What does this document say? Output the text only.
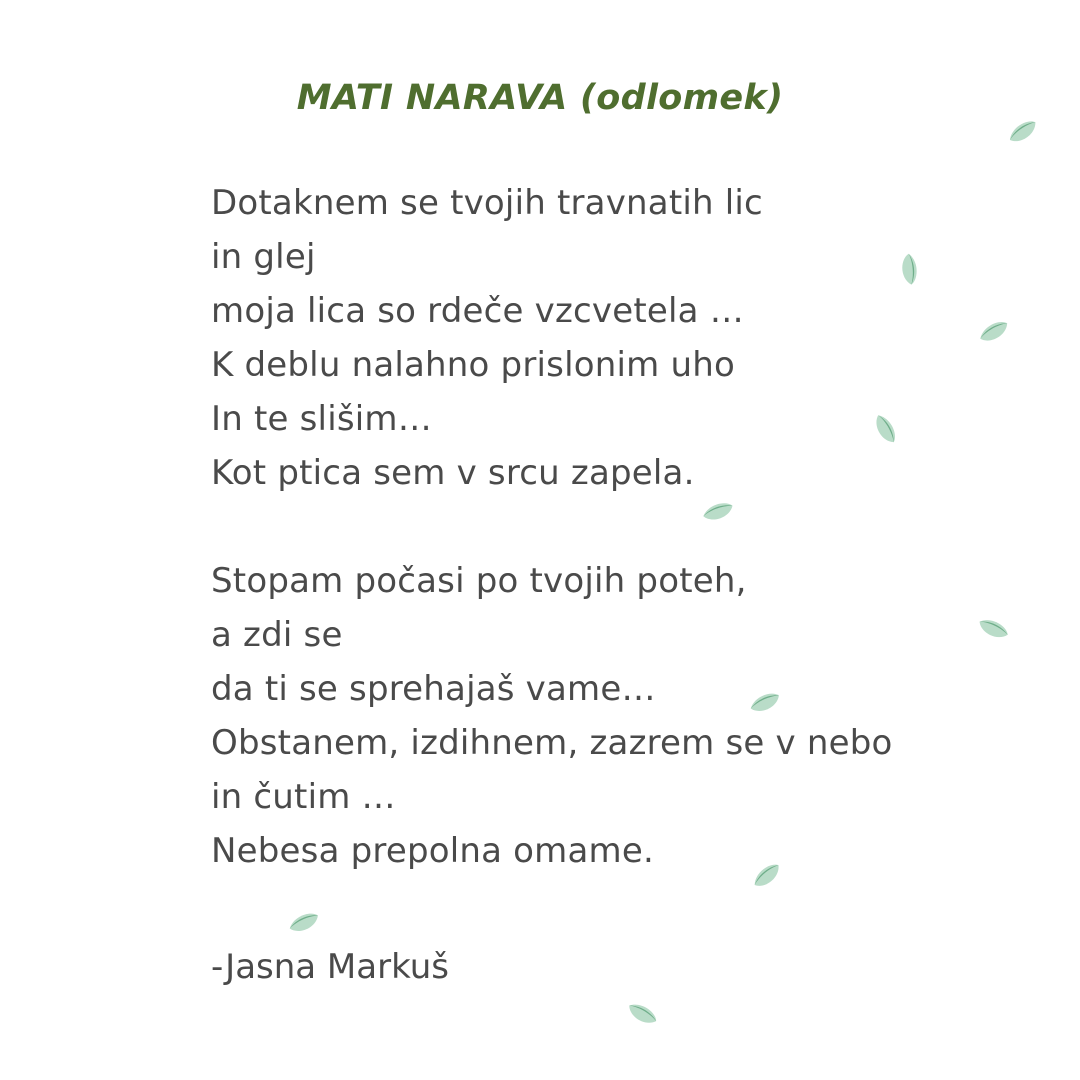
MATI NARAVA (odlomek)
Dotaknem se tvojih travnatih lic
in glej
moja lica so rdeče vzcvetela …
K deblu nalahno prislonim uho
In te slišim…
Kot ptica sem v srcu zapela.
Stopam počasi po tvojih poteh,
a zdi se
da ti se sprehajaš vame…
Obstanem, izdihnem, zazrem se v nebo
in čutim …
Nebesa prepolna omame.
-Jasna Markuš
